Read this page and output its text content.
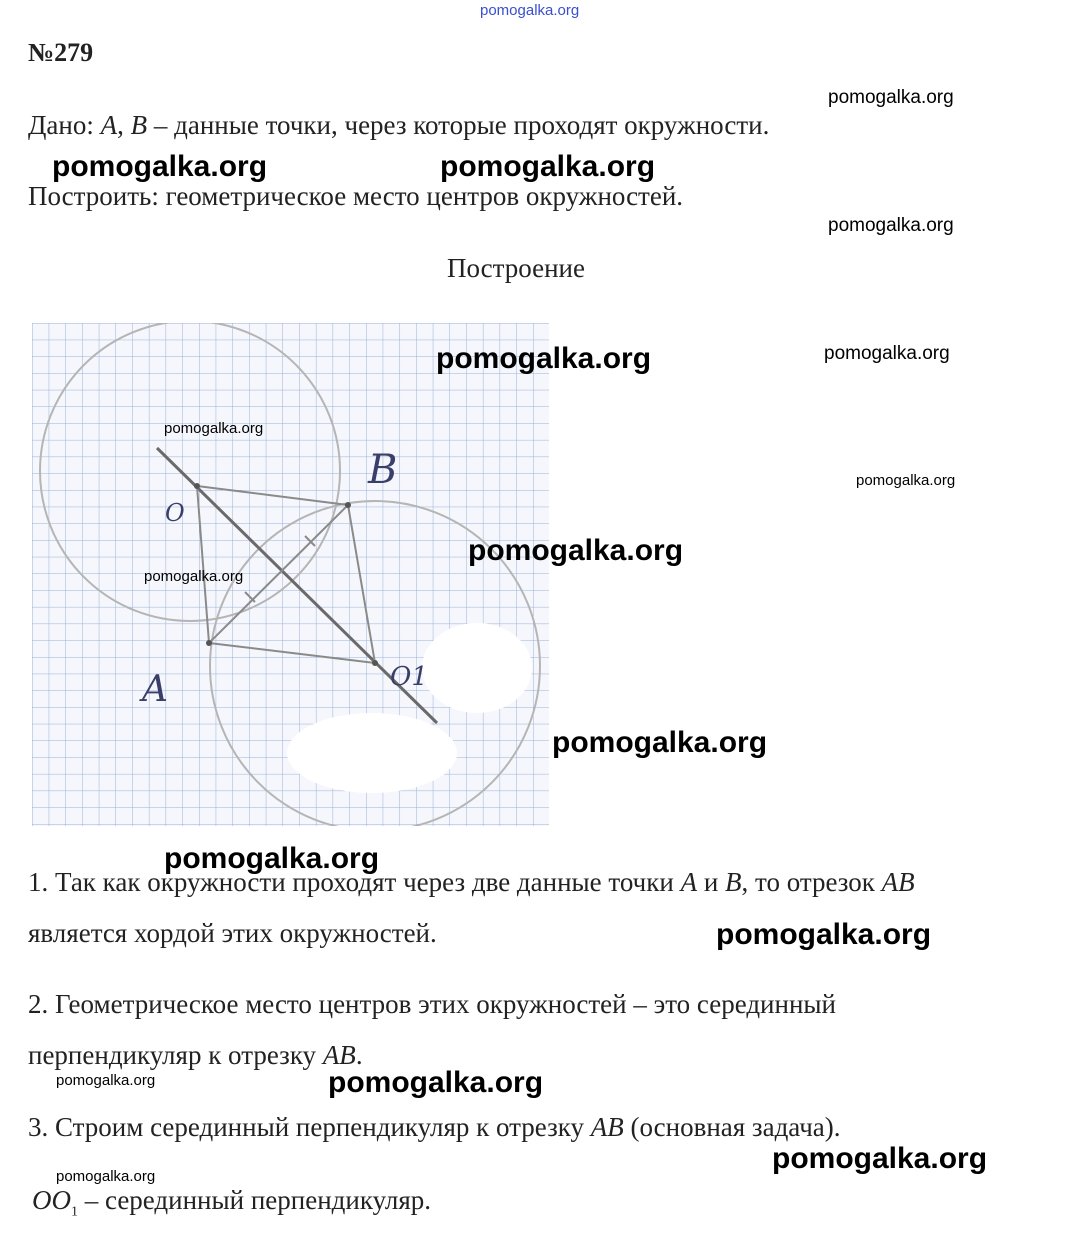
pomogalka.org
№279
pomogalka.org
Дано: A, B – данные точки, через которые проходят окружности.
pomogalka.org	pomogalka.org
Построить: геометрическое место центров окружностей.
pomogalka.org
Построение
A
B
O
O1
pomogalka.org	pomogalka.org
pomogalka.org
pomogalka.org
pomogalka.org
pomogalka.org
pomogalka.org
pomogalka.org
1. Так как окружности проходят через две данные точки A и B, то отрезок AB
является хордой этих окружностей.	pomogalka.org
2. Геометрическое место центров этих окружностей – это серединный
перпендикуляр к отрезку AB.
pomogalka.org	pomogalka.org
3. Строим серединный перпендикуляр к отрезку AB (основная задача).
pomogalka.org
pomogalka.org
$OO_1$ – серединный перпендикуляр.
